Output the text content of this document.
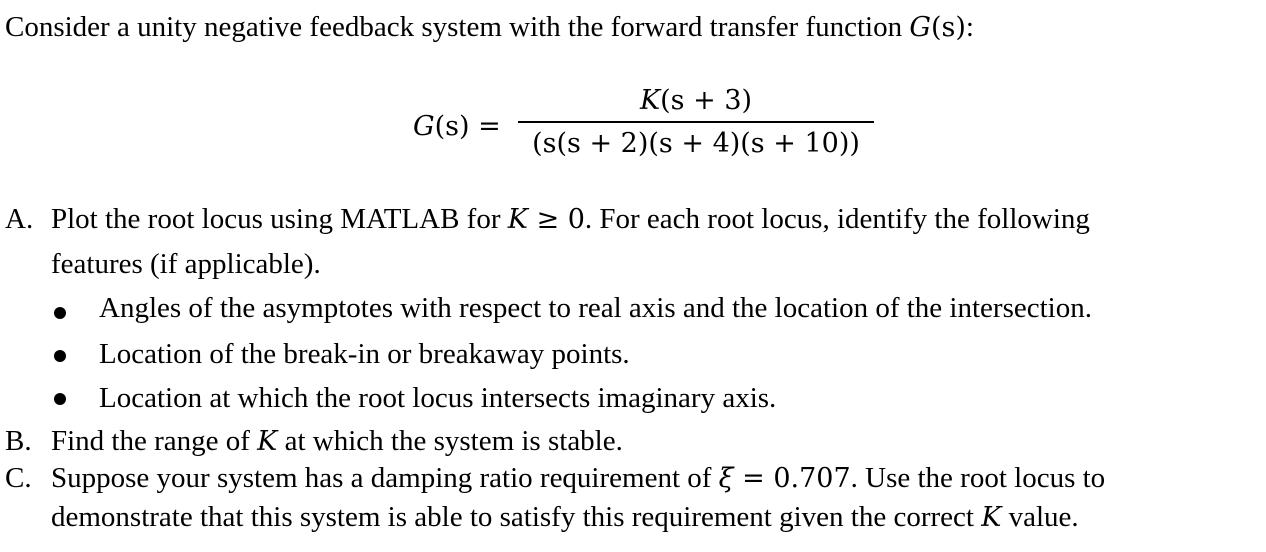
Consider a unity negative feedback system with the forward transfer function G(s):
G(s) =
K(s + 3)
(s(s + 2)(s + 4)(s + 10))
A. Plot the root locus using MATLAB for K ≥ 0. For each root locus, identify the following
features (if applicable).
Angles of the asymptotes with respect to real axis and the location of the intersection.
Location of the break-in or breakaway points.
Location at which the root locus intersects imaginary axis.
B. Find the range of K at which the system is stable.
C. Suppose your system has a damping ratio requirement of ξ = 0.707. Use the root locus to
demonstrate that this system is able to satisfy this requirement given the correct K value.
